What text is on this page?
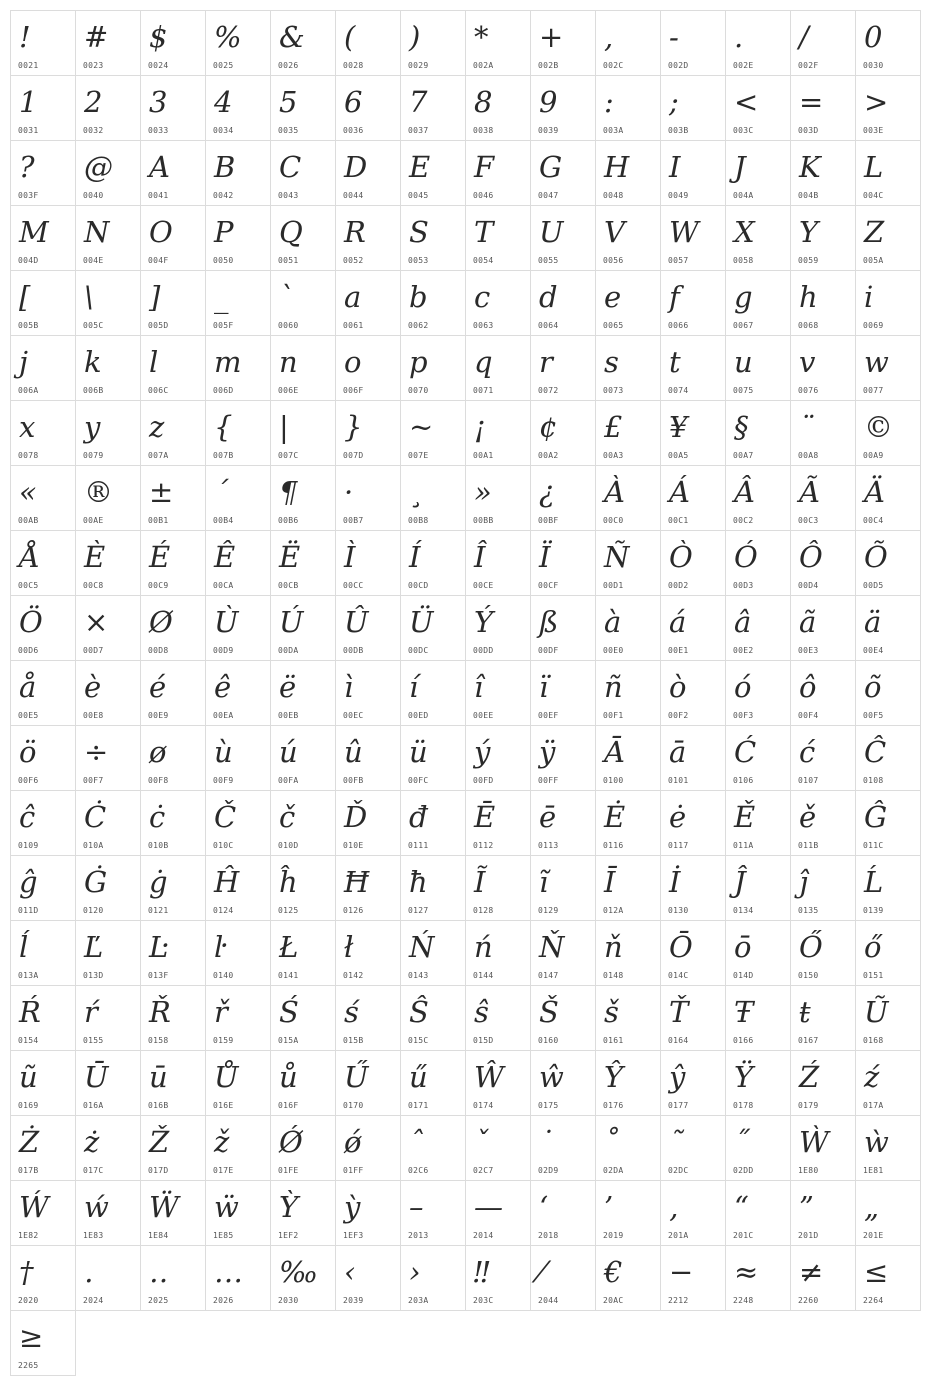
!
0021
#
0023
$
0024
%
0025
&
0026
(
0028
)
0029
*
002A
+
002B
,
002C
-
002D
.
002E
/
002F
0
0030
1
0031
2
0032
3
0033
4
0034
5
0035
6
0036
7
0037
8
0038
9
0039
:
003A
;
003B
<
003C
=
003D
>
003E
?
003F
@
0040
A
0041
B
0042
C
0043
D
0044
E
0045
F
0046
G
0047
H
0048
I
0049
J
004A
K
004B
L
004C
M
004D
N
004E
O
004F
P
0050
Q
0051
R
0052
S
0053
T
0054
U
0055
V
0056
W
0057
X
0058
Y
0059
Z
005A
[
005B
\
005C
]
005D
_
005F
`
0060
a
0061
b
0062
c
0063
d
0064
e
0065
f
0066
g
0067
h
0068
i
0069
j
006A
k
006B
l
006C
m
006D
n
006E
o
006F
p
0070
q
0071
r
0072
s
0073
t
0074
u
0075
v
0076
w
0077
x
0078
y
0079
z
007A
{
007B
|
007C
}
007D
~
007E
¡
00A1
¢
00A2
£
00A3
¥
00A5
§
00A7
¨
00A8
©
00A9
«
00AB
®
00AE
±
00B1
´
00B4
¶
00B6
·
00B7
¸
00B8
»
00BB
¿
00BF
À
00C0
Á
00C1
Â
00C2
Ã
00C3
Ä
00C4
Å
00C5
È
00C8
É
00C9
Ê
00CA
Ë
00CB
Ì
00CC
Í
00CD
Î
00CE
Ï
00CF
Ñ
00D1
Ò
00D2
Ó
00D3
Ô
00D4
Õ
00D5
Ö
00D6
×
00D7
Ø
00D8
Ù
00D9
Ú
00DA
Û
00DB
Ü
00DC
Ý
00DD
ß
00DF
à
00E0
á
00E1
â
00E2
ã
00E3
ä
00E4
å
00E5
è
00E8
é
00E9
ê
00EA
ë
00EB
ì
00EC
í
00ED
î
00EE
ï
00EF
ñ
00F1
ò
00F2
ó
00F3
ô
00F4
õ
00F5
ö
00F6
÷
00F7
ø
00F8
ù
00F9
ú
00FA
û
00FB
ü
00FC
ý
00FD
ÿ
00FF
Ā
0100
ā
0101
Ć
0106
ć
0107
Ĉ
0108
ĉ
0109
Ċ
010A
ċ
010B
Č
010C
č
010D
Ď
010E
đ
0111
Ē
0112
ē
0113
Ė
0116
ė
0117
Ě
011A
ě
011B
Ĝ
011C
ĝ
011D
Ġ
0120
ġ
0121
Ĥ
0124
ĥ
0125
Ħ
0126
ħ
0127
Ĩ
0128
ĩ
0129
Ī
012A
İ
0130
Ĵ
0134
ĵ
0135
Ĺ
0139
ĺ
013A
Ľ
013D
Ŀ
013F
ŀ
0140
Ł
0141
ł
0142
Ń
0143
ń
0144
Ň
0147
ň
0148
Ō
014C
ō
014D
Ő
0150
ő
0151
Ŕ
0154
ŕ
0155
Ř
0158
ř
0159
Ś
015A
ś
015B
Ŝ
015C
ŝ
015D
Š
0160
š
0161
Ť
0164
Ŧ
0166
ŧ
0167
Ũ
0168
ũ
0169
Ū
016A
ū
016B
Ů
016E
ů
016F
Ű
0170
ű
0171
Ŵ
0174
ŵ
0175
Ŷ
0176
ŷ
0177
Ÿ
0178
Ź
0179
ź
017A
Ż
017B
ż
017C
Ž
017D
ž
017E
Ǿ
01FE
ǿ
01FF
ˆ
02C6
ˇ
02C7
˙
02D9
˚
02DA
˜
02DC
˝
02DD
Ẁ
1E80
ẁ
1E81
Ẃ
1E82
ẃ
1E83
Ẅ
1E84
ẅ
1E85
Ỳ
1EF2
ỳ
1EF3
–
2013
—
2014
‘
2018
’
2019
‚
201A
“
201C
”
201D
„
201E
†
2020
․
2024
‥
2025
…
2026
‰
2030
‹
2039
›
203A
‼
203C
⁄
2044
€
20AC
−
2212
≈
2248
≠
2260
≤
2264
≥
2265
